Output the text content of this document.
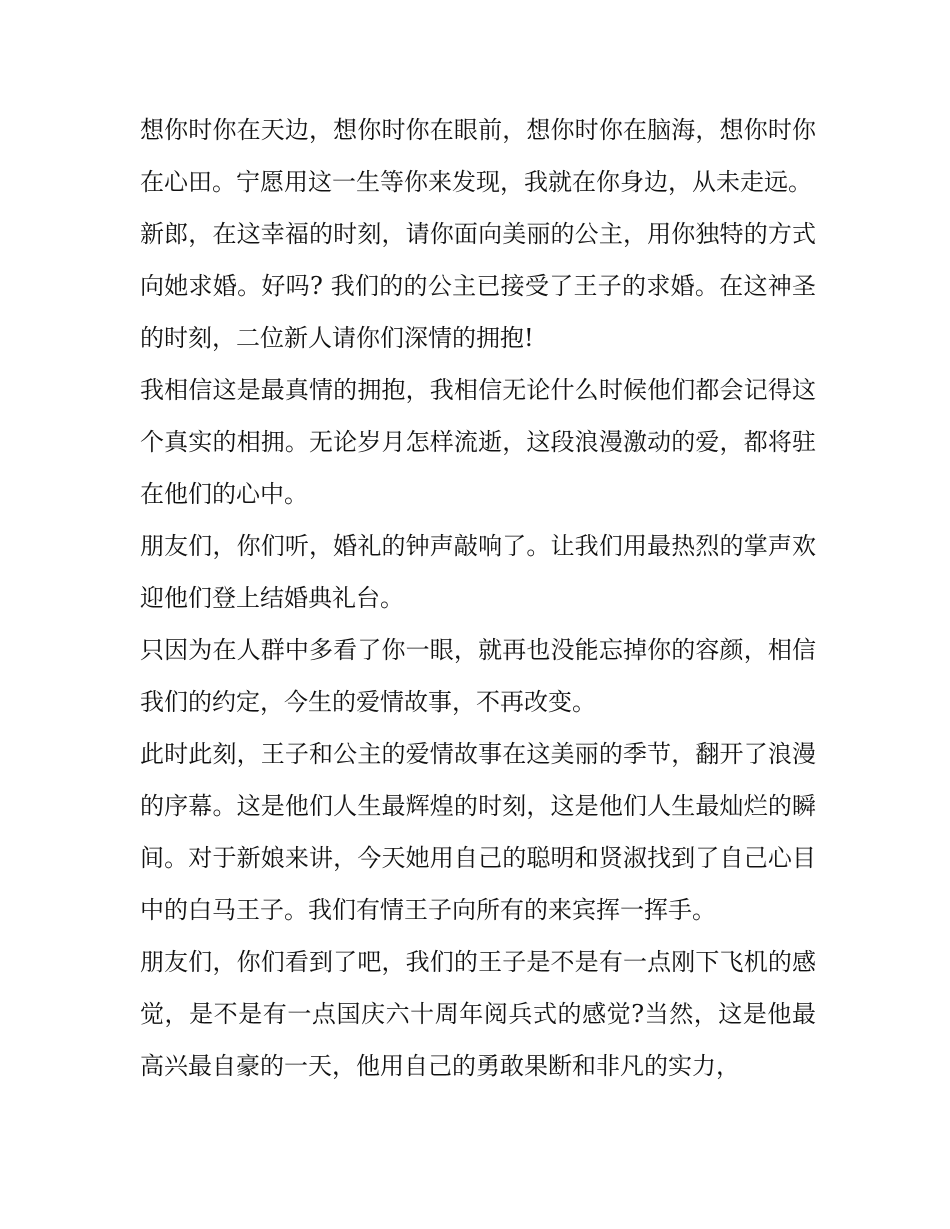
想你时你在天边，想你时你在眼前，想你时你在脑海，想你时你在心田。宁愿用这一生等你来发现，我就在你身边，从未走远。

新郎，在这幸福的时刻，请你面向美丽的公主，用你独特的方式向她求婚。好吗? 我们的的公主已接受了王子的求婚。在这神圣的时刻，二位新人请你们深情的拥抱!

我相信这是最真情的拥抱，我相信无论什么时候他们都会记得这个真实的相拥。无论岁月怎样流逝，这段浪漫激动的爱，都将驻在他们的心中。

朋友们，你们听，婚礼的钟声敲响了。让我们用最热烈的掌声欢迎他们登上结婚典礼台。

只因为在人群中多看了你一眼，就再也没能忘掉你的容颜，相信我们的约定，今生的爱情故事，不再改变。

此时此刻，王子和公主的爱情故事在这美丽的季节，翻开了浪漫的序幕。这是他们人生最辉煌的时刻，这是他们人生最灿烂的瞬间。对于新娘来讲，今天她用自己的聪明和贤淑找到了自己心目中的白马王子。我们有情王子向所有的来宾挥一挥手。

朋友们，你们看到了吧，我们的王子是不是有一点刚下飞机的感觉，是不是有一点国庆六十周年阅兵式的感觉?当然，这是他最高兴最自豪的一天，他用自己的勇敢果断和非凡的实力，
